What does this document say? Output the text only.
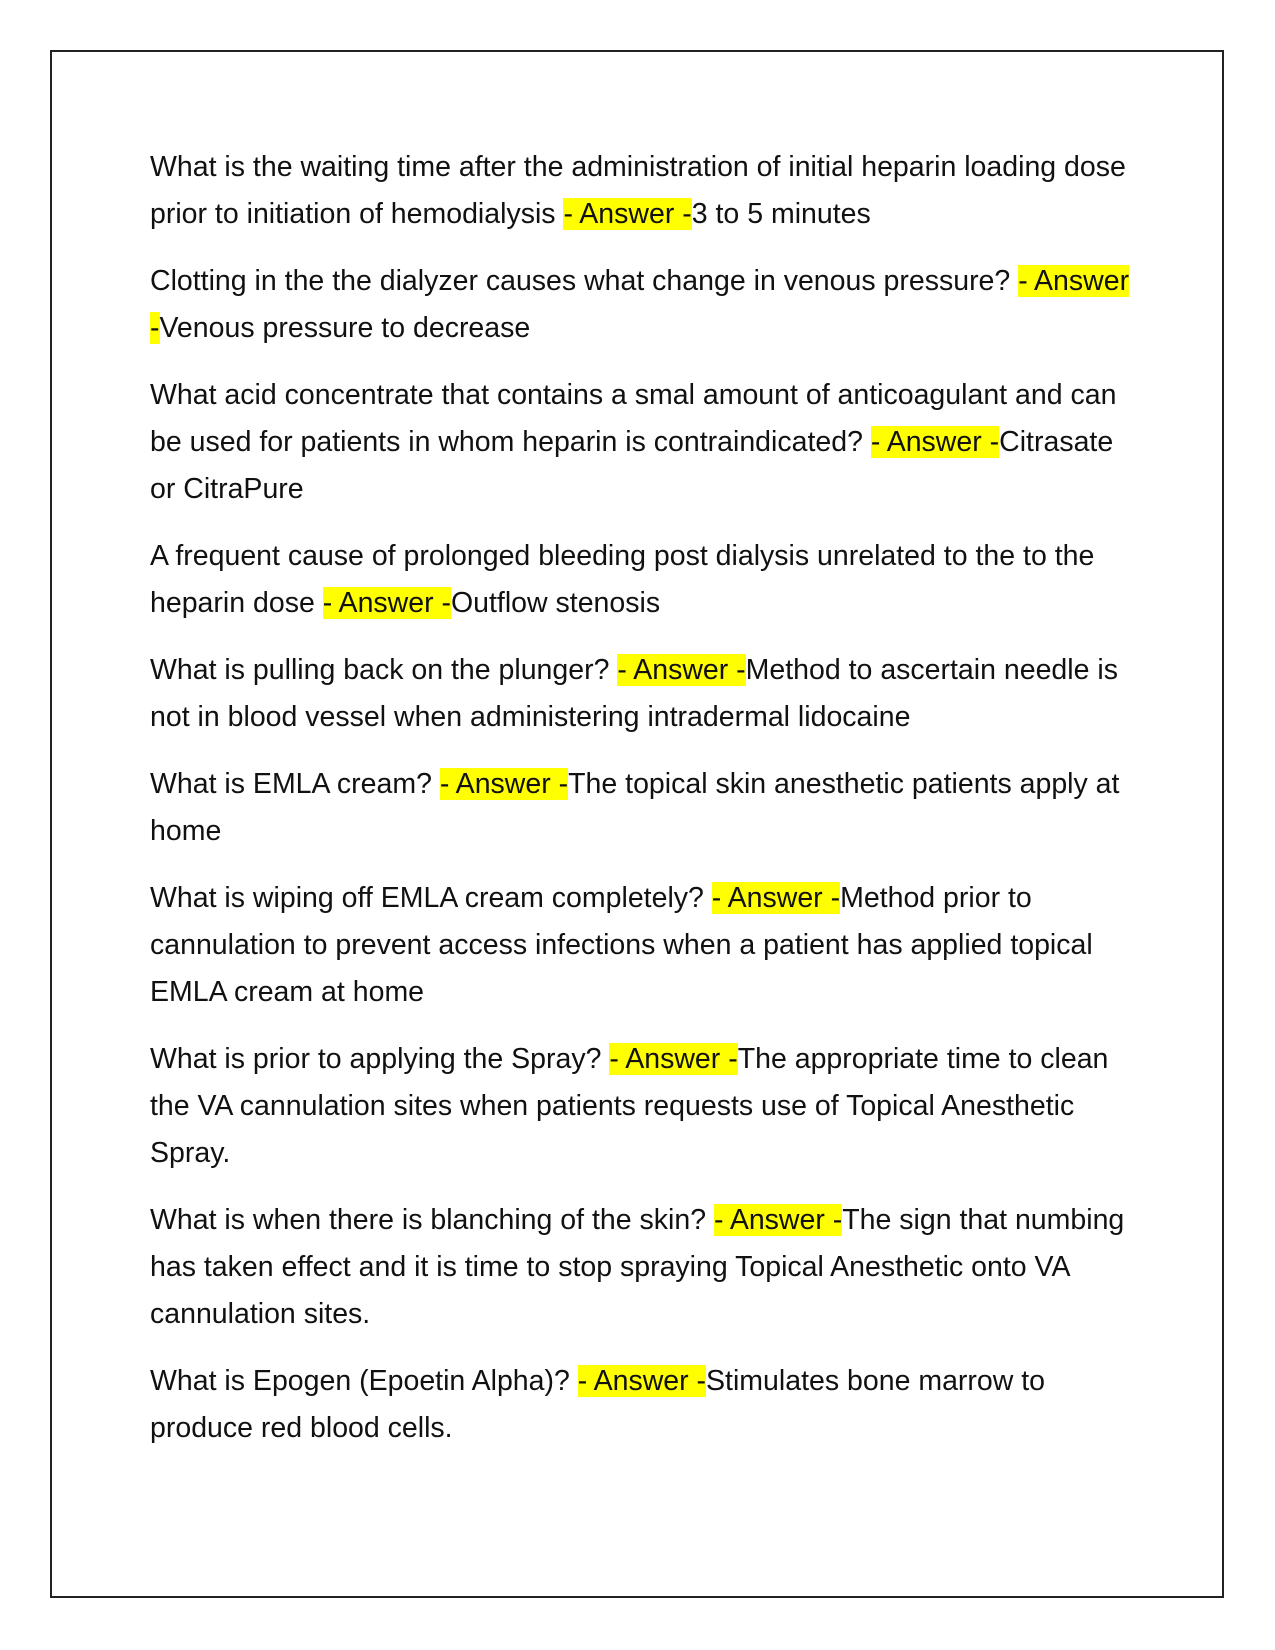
What is the waiting time after the administration of initial heparin loading dose prior to initiation of hemodialysis - Answer -3 to 5 minutes

Clotting in the the dialyzer causes what change in venous pressure? - Answer -Venous pressure to decrease

What acid concentrate that contains a smal amount of anticoagulant and can be used for patients in whom heparin is contraindicated? - Answer -Citrasate or CitraPure

A frequent cause of prolonged bleeding post dialysis unrelated to the to the heparin dose - Answer -Outflow stenosis

What is pulling back on the plunger? - Answer -Method to ascertain needle is not in blood vessel when administering intradermal lidocaine

What is EMLA cream? - Answer -The topical skin anesthetic patients apply at home

What is wiping off EMLA cream completely? - Answer -Method prior to cannulation to prevent access infections when a patient has applied topical EMLA cream at home

What is prior to applying the Spray? - Answer -The appropriate time to clean the VA cannulation sites when patients requests use of Topical Anesthetic Spray.

What is when there is blanching of the skin? - Answer -The sign that numbing has taken effect and it is time to stop spraying Topical Anesthetic onto VA cannulation sites.

What is Epogen (Epoetin Alpha)? - Answer -Stimulates bone marrow to produce red blood cells.
